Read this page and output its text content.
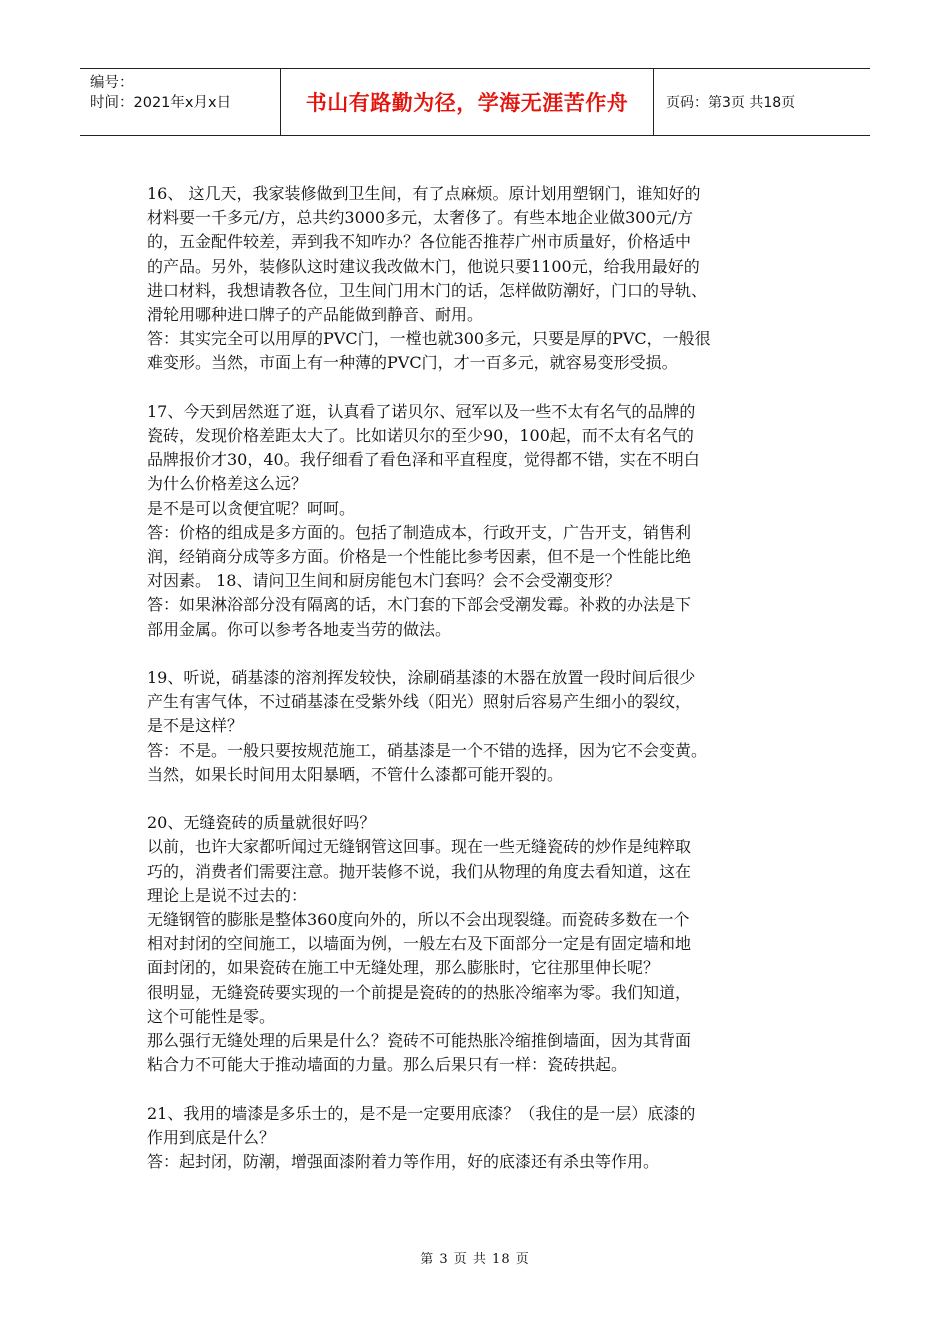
编号：
时间：2021年x月x日	书山有路勤为径，学海无涯苦作舟	页码：第3页 共18页

16、 这几天，我家装修做到卫生间，有了点麻烦。原计划用塑钢门，谁知好的

材料要一千多元/方，总共约3000多元，太奢侈了。有些本地企业做300元/方

的，五金配件较差，弄到我不知咋办？各位能否推荐广州市质量好，价格适中

的产品。另外，装修队这时建议我改做木门，他说只要1100元，给我用最好的

进口材料，我想请教各位，卫生间门用木门的话，怎样做防潮好，门口的导轨、

滑轮用哪种进口牌子的产品能做到静音、耐用。

答：其实完全可以用厚的PVC门，一樘也就300多元，只要是厚的PVC，一般很

难变形。当然，市面上有一种薄的PVC门，才一百多元，就容易变形受损。

17、今天到居然逛了逛，认真看了诺贝尔、冠军以及一些不太有名气的品牌的

瓷砖，发现价格差距太大了。比如诺贝尔的至少90，100起，而不太有名气的

品牌报价才30，40。我仔细看了看色泽和平直程度，觉得都不错，实在不明白

为什么价格差这么远？

是不是可以贪便宜呢？呵呵。

答：价格的组成是多方面的。包括了制造成本，行政开支，广告开支，销售利

润，经销商分成等多方面。价格是一个性能比参考因素，但不是一个性能比绝

对因素。 18、请问卫生间和厨房能包木门套吗？会不会受潮变形？

答：如果淋浴部分没有隔离的话，木门套的下部会受潮发霉。补救的办法是下

部用金属。你可以参考各地麦当劳的做法。

19、听说，硝基漆的溶剂挥发较快，涂刷硝基漆的木器在放置一段时间后很少

产生有害气体，不过硝基漆在受紫外线（阳光）照射后容易产生细小的裂纹，

是不是这样？

答：不是。一般只要按规范施工，硝基漆是一个不错的选择，因为它不会变黄。

当然，如果长时间用太阳暴晒，不管什么漆都可能开裂的。

20、无缝瓷砖的质量就很好吗？

以前，也许大家都听闻过无缝钢管这回事。现在一些无缝瓷砖的炒作是纯粹取

巧的，消费者们需要注意。抛开装修不说，我们从物理的角度去看知道，这在

理论上是说不过去的：

无缝钢管的膨胀是整体360度向外的，所以不会出现裂缝。而瓷砖多数在一个

相对封闭的空间施工，以墙面为例，一般左右及下面部分一定是有固定墙和地

面封闭的，如果瓷砖在施工中无缝处理，那么膨胀时，它往那里伸长呢？

很明显，无缝瓷砖要实现的一个前提是瓷砖的的热胀冷缩率为零。我们知道，

这个可能性是零。

那么强行无缝处理的后果是什么？瓷砖不可能热胀冷缩推倒墙面，因为其背面

粘合力不可能大于推动墙面的力量。那么后果只有一样：瓷砖拱起。

21、我用的墙漆是多乐士的，是不是一定要用底漆？（我住的是一层）底漆的

作用到底是什么？

答：起封闭，防潮，增强面漆附着力等作用，好的底漆还有杀虫等作用。

第 3 页 共 18 页
